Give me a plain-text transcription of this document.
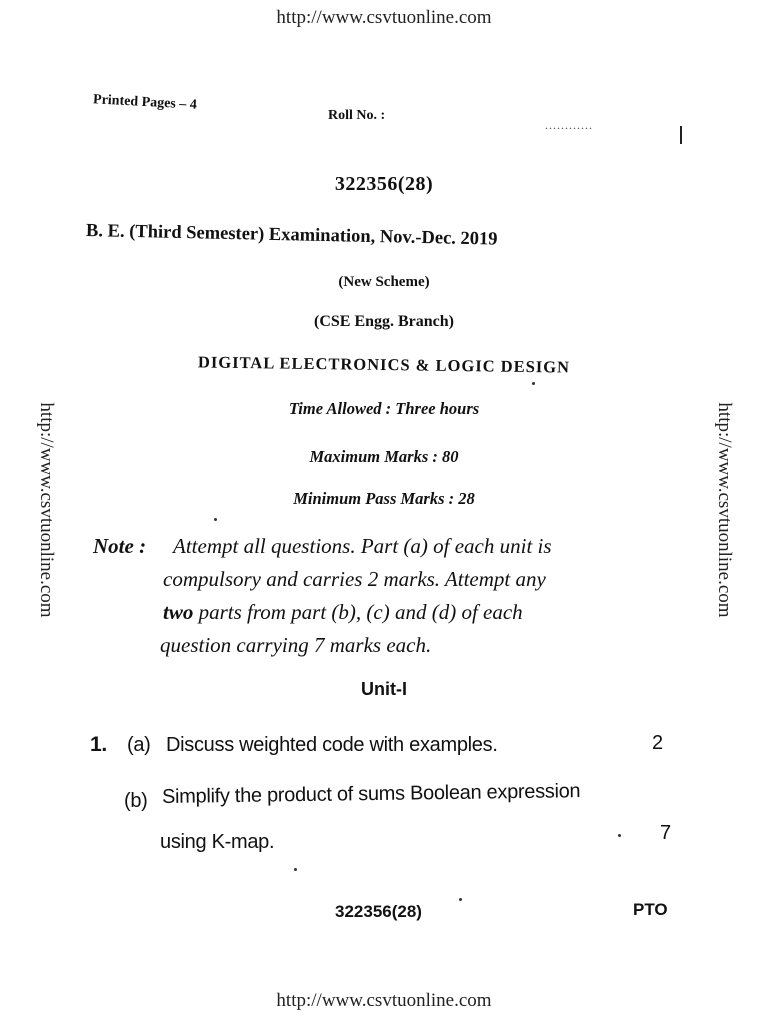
http://www.csvtuonline.com
http://www.csvtuonline.com	http://www.csvtuonline.com
Printed Pages – 4
Roll No. :
............
322356(28)
B. E. (Third Semester) Examination, Nov.-Dec. 2019
(New Scheme)
(CSE Engg. Branch)
DIGITAL ELECTRONICS & LOGIC DESIGN
Time Allowed : Three hours
Maximum Marks : 80
Minimum Pass Marks : 28
Note : Attempt all questions. Part (a) of each unit is
compulsory and carries 2 marks. Attempt any
two parts from part (b), (c) and (d) of each
question carrying 7 marks each.
Unit-I
1. (a) Discuss weighted code with examples.	2
(b) Simplify the product of sums Boolean expression
using K-map.	7
322356(28)	PTO
http://www.csvtuonline.com
